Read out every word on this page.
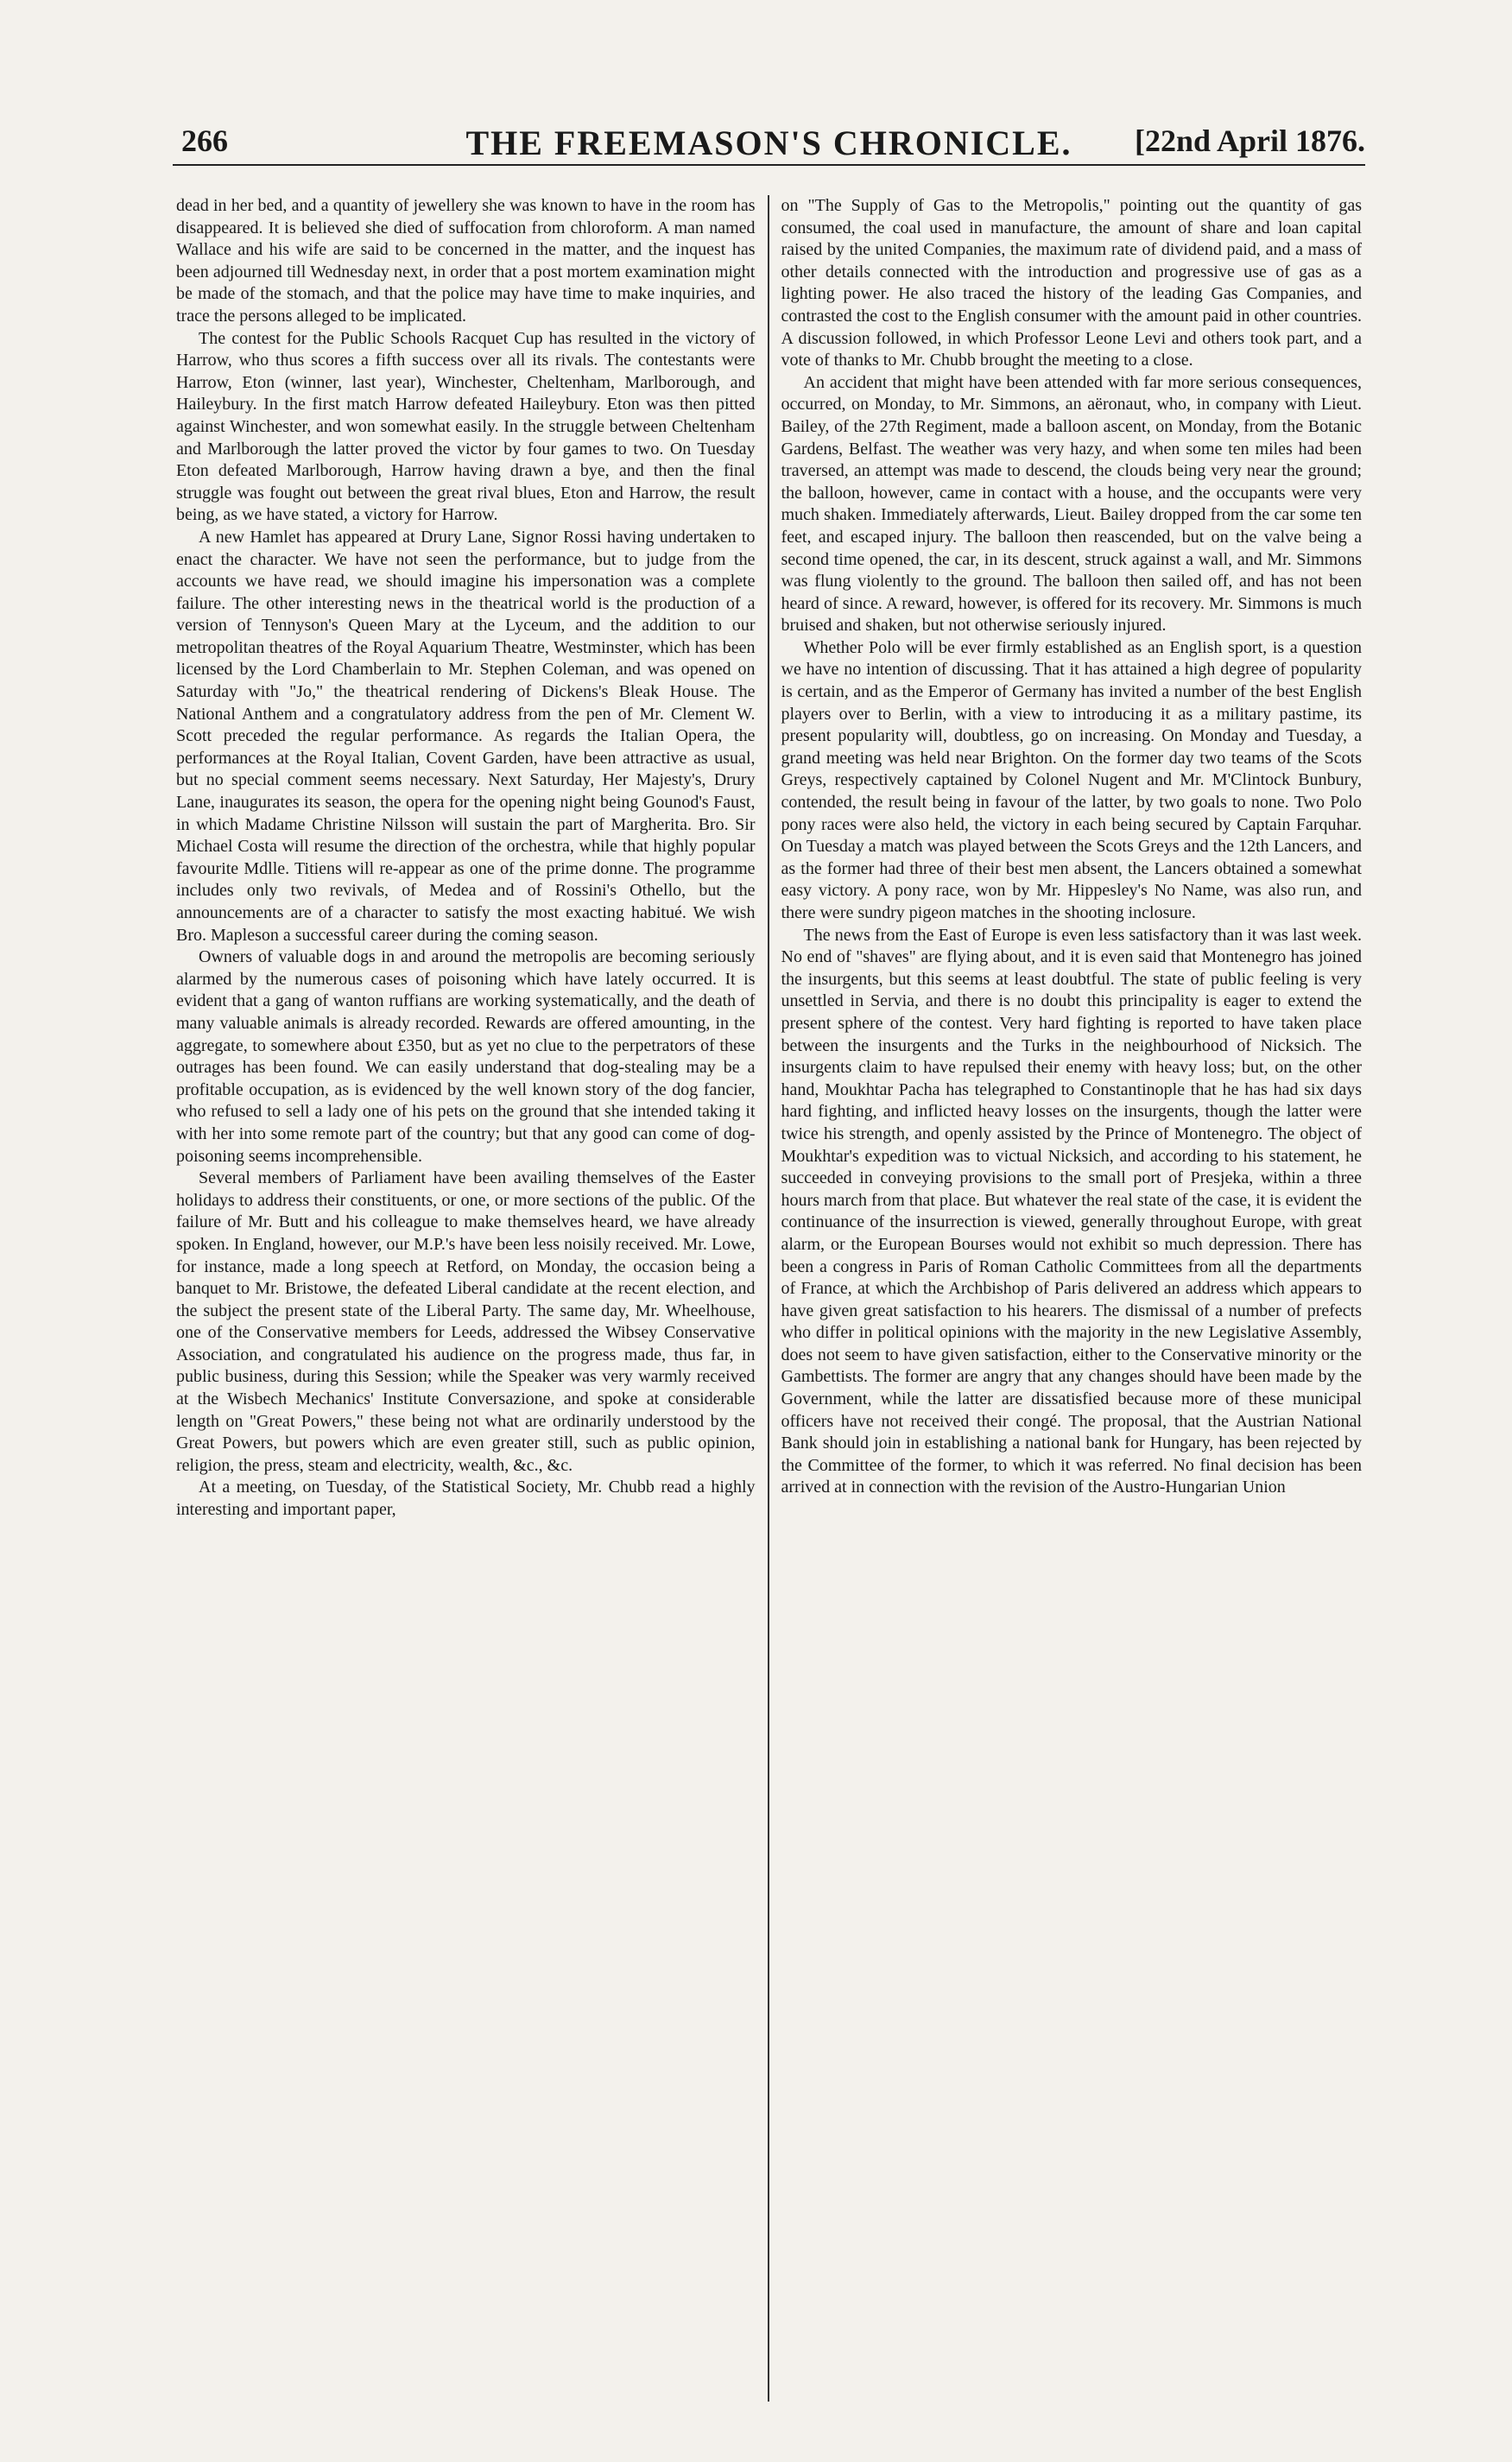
266	THE FREEMASON'S CHRONICLE.	[22nd April 1876.

dead in her bed, and a quantity of jewellery she was known to have in the room has disappeared. It is believed she died of suffocation from chloroform. A man named Wallace and his wife are said to be concerned in the matter, and the inquest has been adjourned till Wednesday next, in order that a post mortem examination might be made of the stomach, and that the police may have time to make inquiries, and trace the persons alleged to be implicated.

The contest for the Public Schools Racquet Cup has resulted in the victory of Harrow, who thus scores a fifth success over all its rivals. The contestants were Harrow, Eton (winner, last year), Winchester, Cheltenham, Marlborough, and Haileybury. In the first match Harrow defeated Haileybury. Eton was then pitted against Winchester, and won somewhat easily. In the struggle between Cheltenham and Marlborough the latter proved the victor by four games to two. On Tuesday Eton defeated Marlborough, Harrow having drawn a bye, and then the final struggle was fought out between the great rival blues, Eton and Harrow, the result being, as we have stated, a victory for Harrow.

A new Hamlet has appeared at Drury Lane, Signor Rossi having undertaken to enact the character. We have not seen the performance, but to judge from the accounts we have read, we should imagine his impersonation was a complete failure. The other interesting news in the theatrical world is the production of a version of Tennyson's Queen Mary at the Lyceum, and the addition to our metropolitan theatres of the Royal Aquarium Theatre, Westminster, which has been licensed by the Lord Chamberlain to Mr. Stephen Coleman, and was opened on Saturday with "Jo," the theatrical rendering of Dickens's Bleak House. The National Anthem and a congratulatory address from the pen of Mr. Clement W. Scott preceded the regular performance. As regards the Italian Opera, the performances at the Royal Italian, Covent Garden, have been attractive as usual, but no special comment seems necessary. Next Saturday, Her Majesty's, Drury Lane, inaugurates its season, the opera for the opening night being Gounod's Faust, in which Madame Christine Nilsson will sustain the part of Margherita. Bro. Sir Michael Costa will resume the direction of the orchestra, while that highly popular favourite Mdlle. Titiens will re-appear as one of the prime donne. The programme includes only two revivals, of Medea and of Rossini's Othello, but the announcements are of a character to satisfy the most exacting habitué. We wish Bro. Mapleson a successful career during the coming season.

Owners of valuable dogs in and around the metropolis are becoming seriously alarmed by the numerous cases of poisoning which have lately occurred. It is evident that a gang of wanton ruffians are working systematically, and the death of many valuable animals is already recorded. Rewards are offered amounting, in the aggregate, to somewhere about £350, but as yet no clue to the perpetrators of these outrages has been found. We can easily understand that dog-stealing may be a profitable occupation, as is evidenced by the well known story of the dog fancier, who refused to sell a lady one of his pets on the ground that she intended taking it with her into some remote part of the country; but that any good can come of dog-poisoning seems incomprehensible.

Several members of Parliament have been availing themselves of the Easter holidays to address their constituents, or one, or more sections of the public. Of the failure of Mr. Butt and his colleague to make themselves heard, we have already spoken. In England, however, our M.P.'s have been less noisily received. Mr. Lowe, for instance, made a long speech at Retford, on Monday, the occasion being a banquet to Mr. Bristowe, the defeated Liberal candidate at the recent election, and the subject the present state of the Liberal Party. The same day, Mr. Wheelhouse, one of the Conservative members for Leeds, addressed the Wibsey Conservative Association, and congratulated his audience on the progress made, thus far, in public business, during this Session; while the Speaker was very warmly received at the Wisbech Mechanics' Institute Conversazione, and spoke at considerable length on "Great Powers," these being not what are ordinarily understood by the Great Powers, but powers which are even greater still, such as public opinion, religion, the press, steam and electricity, wealth, &c., &c.

At a meeting, on Tuesday, of the Statistical Society, Mr. Chubb read a highly interesting and important paper,

on "The Supply of Gas to the Metropolis," pointing out the quantity of gas consumed, the coal used in manufacture, the amount of share and loan capital raised by the united Companies, the maximum rate of dividend paid, and a mass of other details connected with the introduction and progressive use of gas as a lighting power. He also traced the history of the leading Gas Companies, and contrasted the cost to the English consumer with the amount paid in other countries. A discussion followed, in which Professor Leone Levi and others took part, and a vote of thanks to Mr. Chubb brought the meeting to a close.

An accident that might have been attended with far more serious consequences, occurred, on Monday, to Mr. Simmons, an aëronaut, who, in company with Lieut. Bailey, of the 27th Regiment, made a balloon ascent, on Monday, from the Botanic Gardens, Belfast. The weather was very hazy, and when some ten miles had been traversed, an attempt was made to descend, the clouds being very near the ground; the balloon, however, came in contact with a house, and the occupants were very much shaken. Immediately afterwards, Lieut. Bailey dropped from the car some ten feet, and escaped injury. The balloon then reascended, but on the valve being a second time opened, the car, in its descent, struck against a wall, and Mr. Simmons was flung violently to the ground. The balloon then sailed off, and has not been heard of since. A reward, however, is offered for its recovery. Mr. Simmons is much bruised and shaken, but not otherwise seriously injured.

Whether Polo will be ever firmly established as an English sport, is a question we have no intention of discussing. That it has attained a high degree of popularity is certain, and as the Emperor of Germany has invited a number of the best English players over to Berlin, with a view to introducing it as a military pastime, its present popularity will, doubtless, go on increasing. On Monday and Tuesday, a grand meeting was held near Brighton. On the former day two teams of the Scots Greys, respectively captained by Colonel Nugent and Mr. M'Clintock Bunbury, contended, the result being in favour of the latter, by two goals to none. Two Polo pony races were also held, the victory in each being secured by Captain Farquhar. On Tuesday a match was played between the Scots Greys and the 12th Lancers, and as the former had three of their best men absent, the Lancers obtained a somewhat easy victory. A pony race, won by Mr. Hippesley's No Name, was also run, and there were sundry pigeon matches in the shooting inclosure.

The news from the East of Europe is even less satisfactory than it was last week. No end of "shaves" are flying about, and it is even said that Montenegro has joined the insurgents, but this seems at least doubtful. The state of public feeling is very unsettled in Servia, and there is no doubt this principality is eager to extend the present sphere of the contest. Very hard fighting is reported to have taken place between the insurgents and the Turks in the neighbourhood of Nicksich. The insurgents claim to have repulsed their enemy with heavy loss; but, on the other hand, Moukhtar Pacha has telegraphed to Constantinople that he has had six days hard fighting, and inflicted heavy losses on the insurgents, though the latter were twice his strength, and openly assisted by the Prince of Montenegro. The object of Moukhtar's expedition was to victual Nicksich, and according to his statement, he succeeded in conveying provisions to the small port of Presjeka, within a three hours march from that place. But whatever the real state of the case, it is evident the continuance of the insurrection is viewed, generally throughout Europe, with great alarm, or the European Bourses would not exhibit so much depression. There has been a congress in Paris of Roman Catholic Committees from all the departments of France, at which the Archbishop of Paris delivered an address which appears to have given great satisfaction to his hearers. The dismissal of a number of prefects who differ in political opinions with the majority in the new Legislative Assembly, does not seem to have given satisfaction, either to the Conservative minority or the Gambettists. The former are angry that any changes should have been made by the Government, while the latter are dissatisfied because more of these municipal officers have not received their congé. The proposal, that the Austrian National Bank should join in establishing a national bank for Hungary, has been rejected by the Committee of the former, to which it was referred. No final decision has been arrived at in connection with the revision of the Austro-Hungarian Union
